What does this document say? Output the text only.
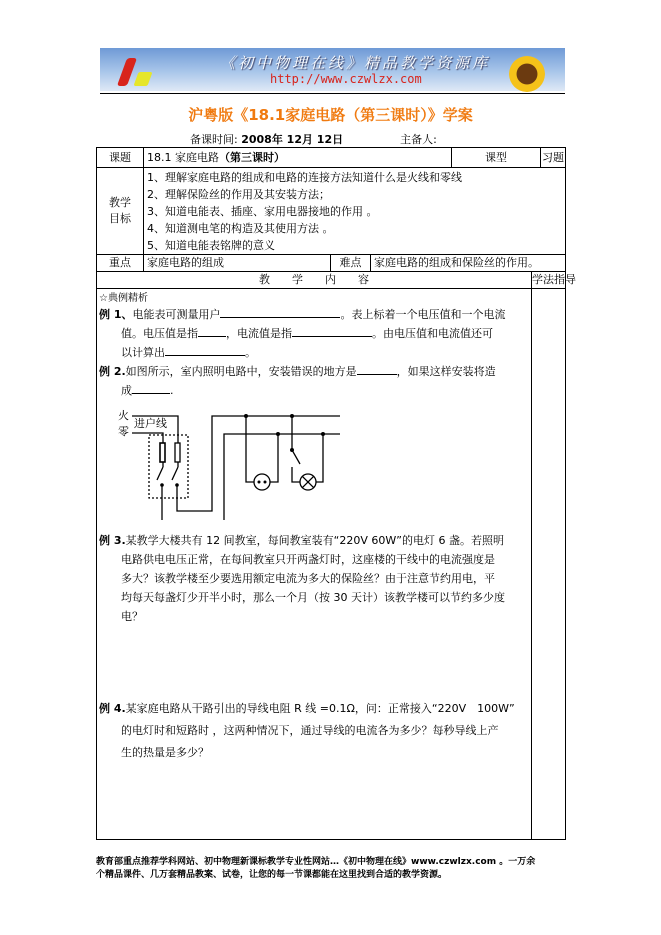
《初中物理在线》精品教学资源库
http://www.czwlzx.com
沪粤版《18.1家庭电路（第三课时）》学案
备课时间: 2008年 12月 12日	主备人:
课题	18.1 家庭电路（第三课时）	课型	习题
教学目标
1、理解家庭电路的组成和电路的连接方法知道什么是火线和零线
2、理解保险丝的作用及其安装方法；
3、知道电能表、插座、家用电器接地的作用 。
4、知道测电笔的构造及其使用方法 。
5、知道电能表铭牌的意义
重点	家庭电路的组成	难点	家庭电路的组成和保险丝的作用。
教　　学　　内　　容	学法指导
☆典例精析
例 1、电能表可测量用户	。表上标着一个电压值和一个电流
值。电压值是指	，电流值是指	。由电压值和电流值还可
以计算出	。
例 2.如图所示，室内照明电路中，安装错误的地方是	，如果这样安装将造
成	.
火
零
进户线
例 3.某教学大楼共有 12 间教室，每间教室装有“220V 60W”的电灯 6 盏。若照明
电路供电电压正常，在每间教室只开两盏灯时，这座楼的干线中的电流强度是
多大？该教学楼至少要选用额定电流为多大的保险丝？由于注意节约用电，平
均每天每盏灯少开半小时，那么一个月（按 30 天计）该教学楼可以节约多少度
电？
例 4.某家庭电路从干路引出的导线电阻 R 线 =0.1Ω，问：正常接入“220V　100W”
的电灯时和短路时 ，这两种情况下，通过导线的电流各为多少？每秒导线上产
生的热量是多少？
教育部重点推荐学科网站、初中物理新课标教学专业性网站…《初中物理在线》www.czwlzx.com 。一万余
个精品课件、几万套精品教案、试卷，让您的每一节课都能在这里找到合适的教学资源。
